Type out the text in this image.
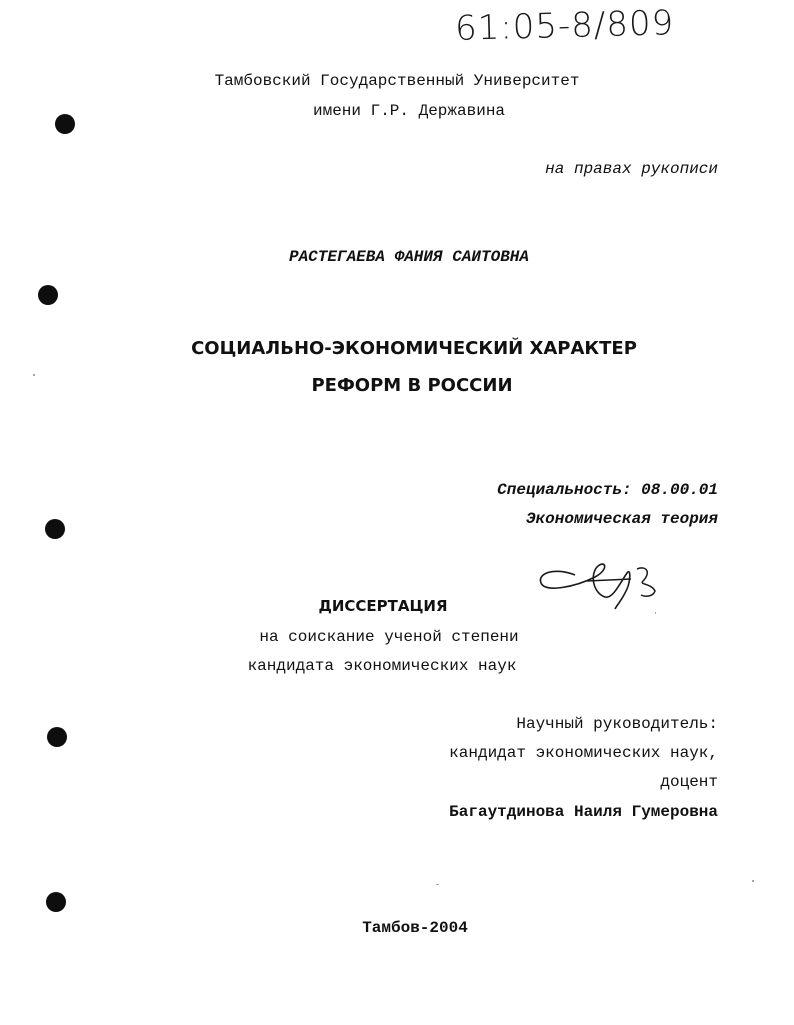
61:05-8/809
Тамбовский Государственный Университет
имени Г.Р. Державина
на правах рукописи
РАСТЕГАЕВА ФАНИЯ САИТОВНА
СОЦИАЛЬНО-ЭКОНОМИЧЕСКИЙ ХАРАКТЕР
РЕФОРМ В РОССИИ
Специальность: 08.00.01
Экономическая теория
ДИССЕРТАЦИЯ
на соискание ученой степени
кандидата экономических наук
Научный руководитель:
кандидат экономических наук,
доцент
Багаутдинова Наиля Гумеровна
Тамбов-2004
